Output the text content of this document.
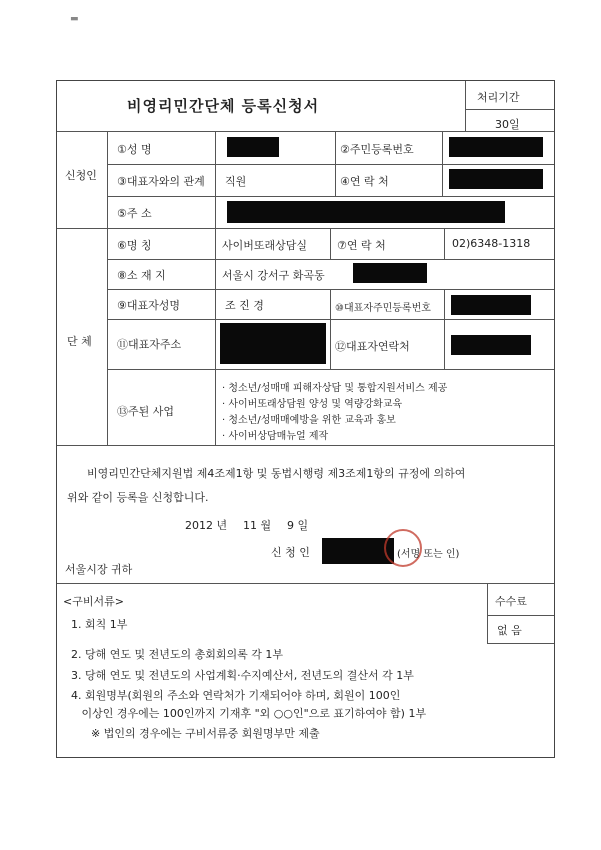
▬
비영리민간단체 등록신청서	처리기간
30일
신청인
①성 명	②주민등록번호
③대표자와의 관계 직원	④연 락 처
⑤주 소
단 체
⑥명 칭	사이버또래상담실	⑦연 락 처	02)6348-1318
⑧소 재 지	서울시 강서구 화곡동
⑨대표자성명	조 진 경	⑩대표자주민등록번호
⑪대표자주소	⑫대표자연락처
⑬주된 사업
· 청소년/성매매 피해자상담 및 통합지원서비스 제공
· 사이버또래상담원 양성 및 역량강화교육
· 청소년/성매매예방을 위한 교육과 홍보
· 사이버상담매뉴얼 제작
비영리민간단체지원법 제4조제1항 및 동법시행령 제3조제1항의 규정에 의하여
위와 같이 등록을 신청합니다.
2012 년 11 월 9 일
신 청 인	(서명 또는 인)
서울시장 귀하
수수료
없 음
<구비서류>
1. 회칙 1부
2. 당해 연도 및 전년도의 총회회의록 각 1부
3. 당해 연도 및 전년도의 사업계획·수지예산서, 전년도의 결산서 각 1부
4. 회원명부(회원의 주소와 연락처가 기재되어야 하며, 회원이 100인
이상인 경우에는 100인까지 기재후 "외 ○○인"으로 표기하여야 함) 1부
※ 법인의 경우에는 구비서류중 회원명부만 제출
